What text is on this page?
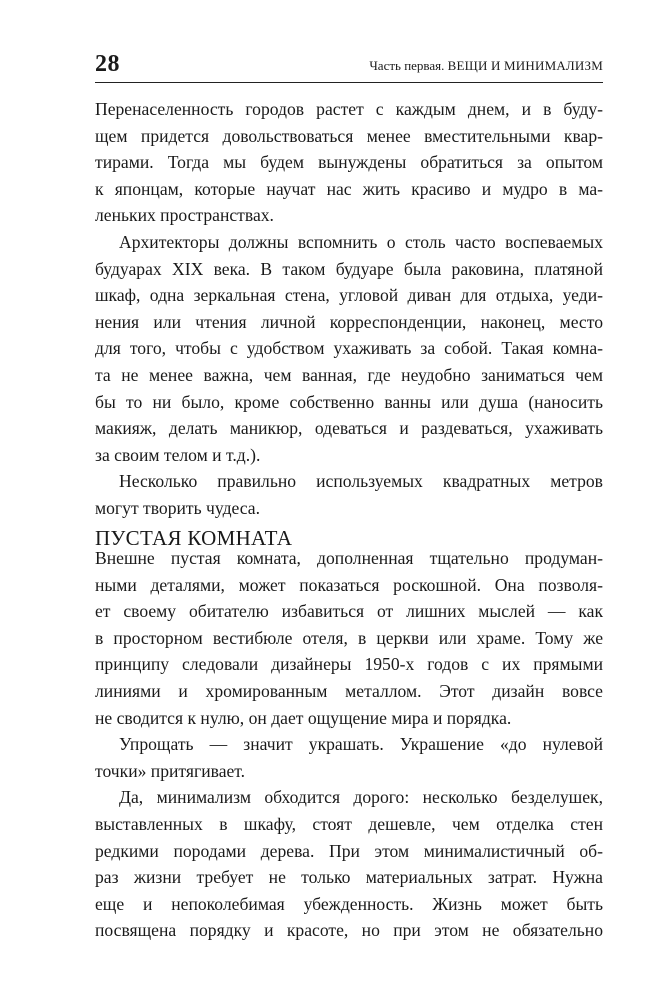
28	Часть первая. ВЕЩИ И МИНИМАЛИЗМ

Перенаселенность городов растет с каждым днем, и в буду-
щем придется довольствоваться менее вместительными квар-
тирами. Тогда мы будем вынуждены обратиться за опытом
к японцам, которые научат нас жить красиво и мудро в ма-
леньких пространствах.

Архитекторы должны вспомнить о столь часто воспеваемых
будуарах XIX века. В таком будуаре была раковина, платяной
шкаф, одна зеркальная стена, угловой диван для отдыха, уеди-
нения или чтения личной корреспонденции, наконец, место
для того, чтобы с удобством ухаживать за собой. Такая комна-
та не менее важна, чем ванная, где неудобно заниматься чем
бы то ни было, кроме собственно ванны или душа (наносить
макияж, делать маникюр, одеваться и раздеваться, ухаживать
за своим телом и т.д.).

Несколько правильно используемых квадратных метров
могут творить чудеса.

ПУСТАЯ КОМНАТА

Внешне пустая комната, дополненная тщательно продуман-
ными деталями, может показаться роскошной. Она позволя-
ет своему обитателю избавиться от лишних мыслей — как
в просторном вестибюле отеля, в церкви или храме. Тому же
принципу следовали дизайнеры 1950-х годов с их прямыми
линиями и хромированным металлом. Этот дизайн вовсе
не сводится к нулю, он дает ощущение мира и порядка.

Упрощать — значит украшать. Украшение «до нулевой
точки» притягивает.

Да, минимализм обходится дорого: несколько безделушек,
выставленных в шкафу, стоят дешевле, чем отделка стен
редкими породами дерева. При этом минималистичный об-
раз жизни требует не только материальных затрат. Нужна
еще и непоколебимая убежденность. Жизнь может быть
посвящена порядку и красоте, но при этом не обязательно
